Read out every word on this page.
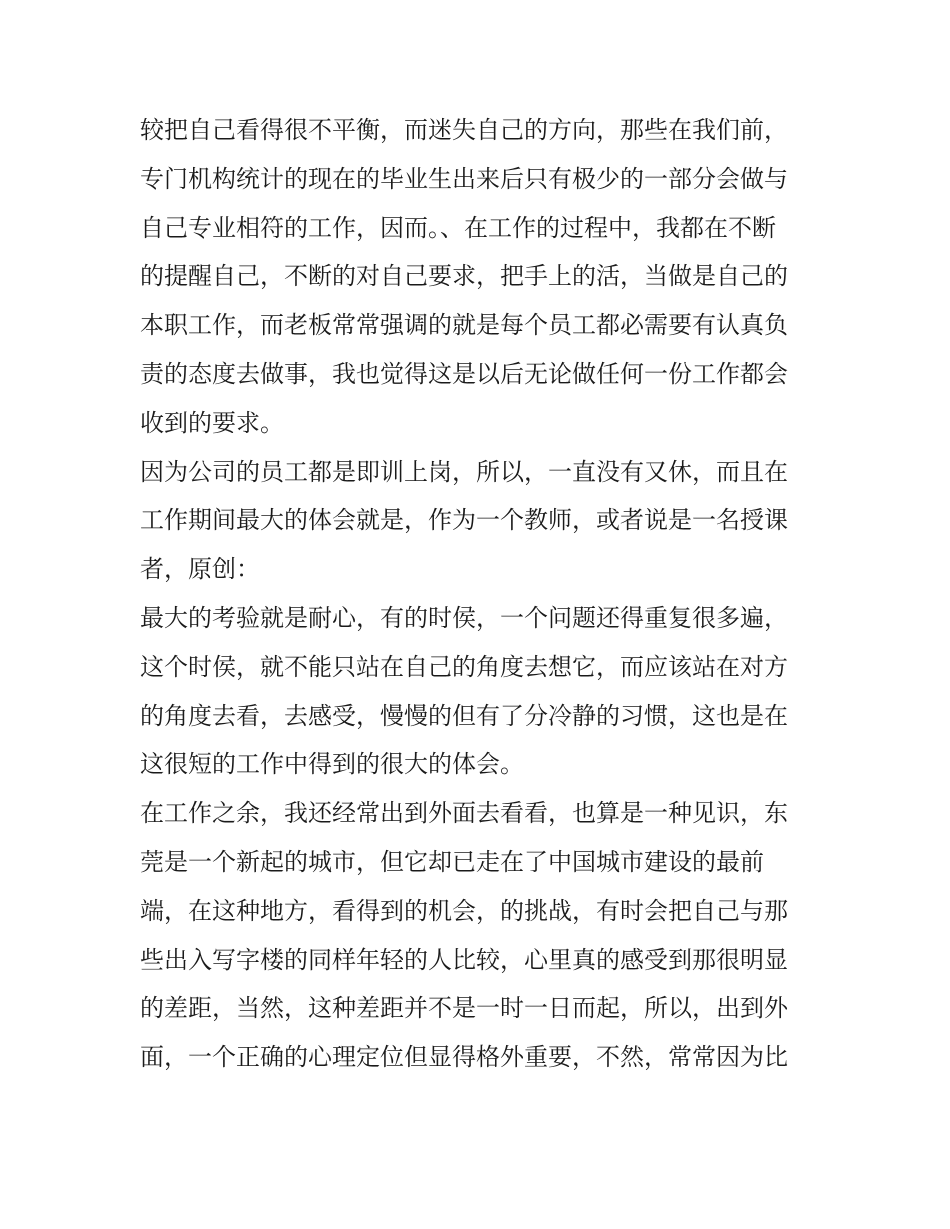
较把自己看得很不平衡，而迷失自己的方向，那些在我们前，
专门机构统计的现在的毕业生出来后只有极少的一部分会做与
自己专业相符的工作，因而。、在工作的过程中，我都在不断
的提醒自己，不断的对自己要求，把手上的活，当做是自己的
本职工作，而老板常常强调的就是每个员工都必需要有认真负
责的态度去做事，我也觉得这是以后无论做任何一份工作都会
收到的要求。
因为公司的员工都是即训上岗，所以，一直没有又休，而且在
工作期间最大的体会就是，作为一个教师，或者说是一名授课
者，原创：
最大的考验就是耐心，有的时侯，一个问题还得重复很多遍，
这个时侯，就不能只站在自己的角度去想它，而应该站在对方
的角度去看，去感受，慢慢的但有了分冷静的习惯，这也是在
这很短的工作中得到的很大的体会。
在工作之余，我还经常出到外面去看看，也算是一种见识，东
莞是一个新起的城市，但它却已走在了中国城市建设的最前
端，在这种地方，看得到的机会，的挑战，有时会把自己与那
些出入写字楼的同样年轻的人比较，心里真的感受到那很明显
的差距，当然，这种差距并不是一时一日而起，所以，出到外
面，一个正确的心理定位但显得格外重要，不然，常常因为比
